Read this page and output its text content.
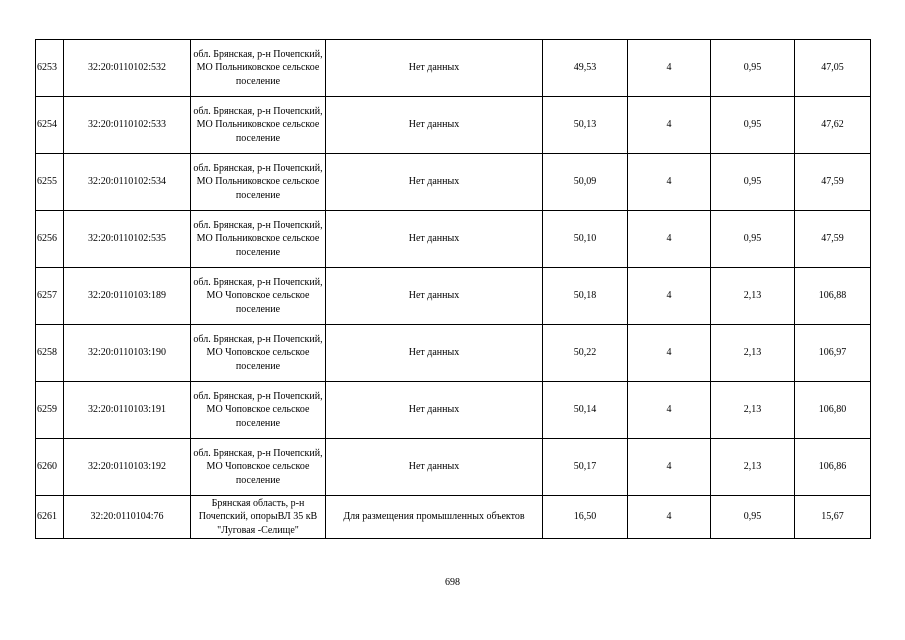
6253	32:20:0110102:532	обл. Брянская, р-н Почепский, МО Польниковское сельское поселение	Нет данных	49,53	4	0,95	47,05
6254	32:20:0110102:533	обл. Брянская, р-н Почепский, МО Польниковское сельское поселение	Нет данных	50,13	4	0,95	47,62
6255	32:20:0110102:534	обл. Брянская, р-н Почепский, МО Польниковское сельское поселение	Нет данных	50,09	4	0,95	47,59
6256	32:20:0110102:535	обл. Брянская, р-н Почепский, МО Польниковское сельское поселение	Нет данных	50,10	4	0,95	47,59
6257	32:20:0110103:189	обл. Брянская, р-н Почепский, МО Чоповское сельское поселение	Нет данных	50,18	4	2,13	106,88
6258	32:20:0110103:190	обл. Брянская, р-н Почепский, МО Чоповское сельское поселение	Нет данных	50,22	4	2,13	106,97
6259	32:20:0110103:191	обл. Брянская, р-н Почепский, МО Чоповское сельское поселение	Нет данных	50,14	4	2,13	106,80
6260	32:20:0110103:192	обл. Брянская, р-н Почепский, МО Чоповское сельское поселение	Нет данных	50,17	4	2,13	106,86
6261	32:20:0110104:76	Брянская область, р-н Почепский, опорыВЛ 35 кВ "Луговая -Селище"	Для размещения промышленных объектов	16,50	4	0,95	15,67
698
